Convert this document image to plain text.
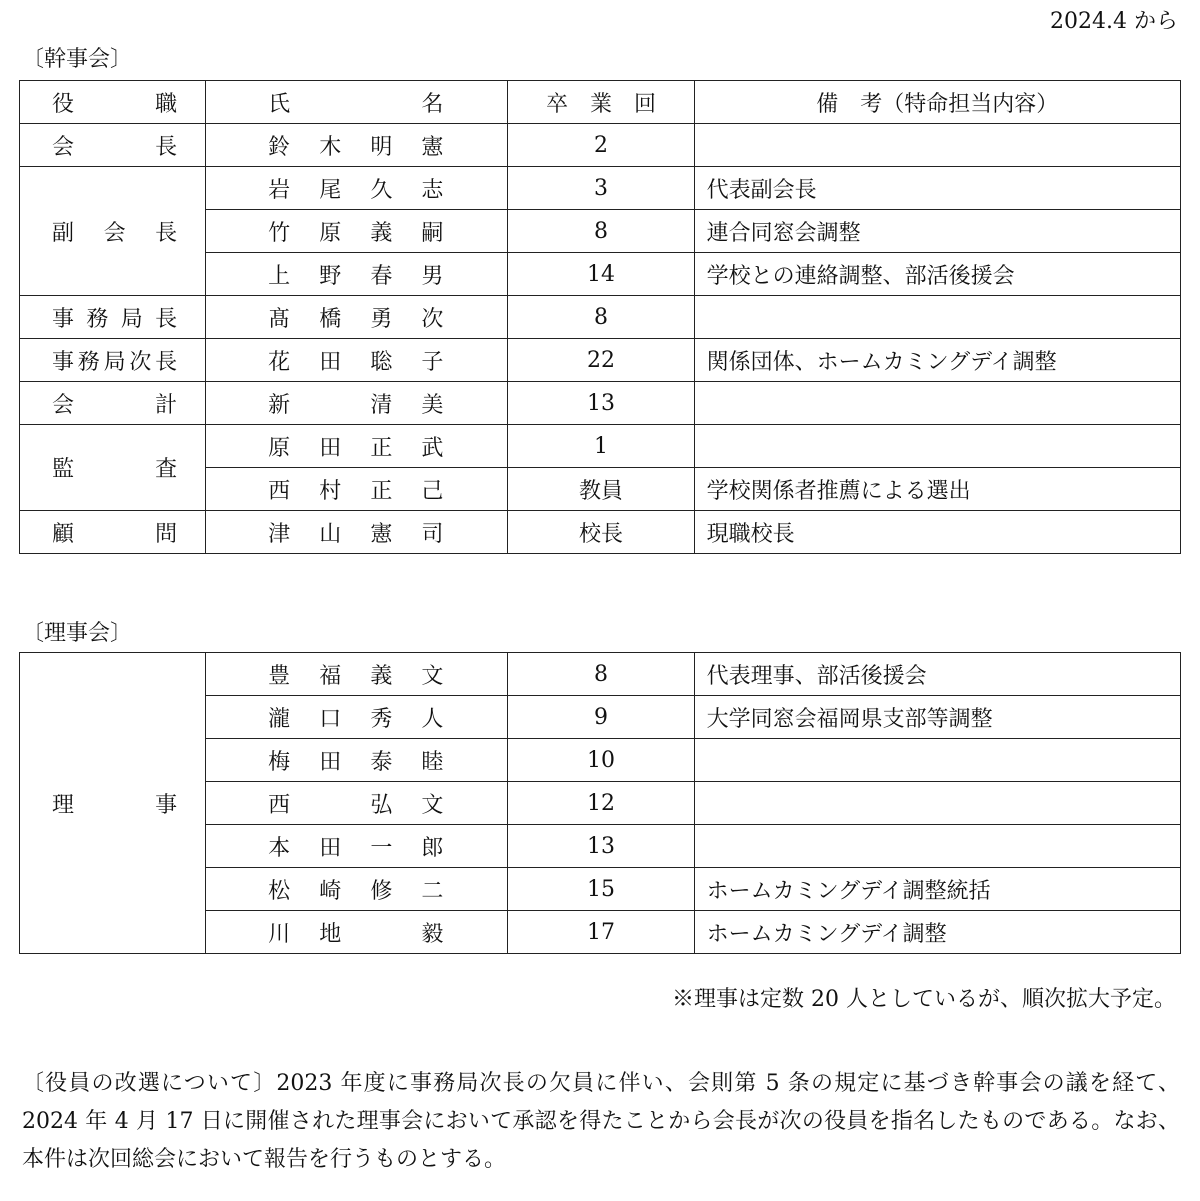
2024.4 から
〔幹事会〕
役　職	氏　　　名	卒　業　回	備　考（特命担当内容）
会　長	鈴木明憲	2	
副会長	岩尾久志	3	代表副会長
	竹原義嗣	8	連合同窓会調整
	上野春男	14	学校との連絡調整、部活後援会
事務局長	髙橋勇次	8	
事務局次長	花田聡子	22	関係団体、ホームカミングデイ調整
会　計	新　清美	13	
監　査	原田正武	1	
	西村正己	教員	学校関係者推薦による選出
顧　問	津山憲司	校長	現職校長
〔理事会〕
理　事	豊福義文	8	代表理事、部活後援会
	瀧口秀人	9	大学同窓会福岡県支部等調整
	梅田泰睦	10	
	西　弘文	12	
	本田一郎	13	
	松崎修二	15	ホームカミングデイ調整統括
	川地　毅	17	ホームカミングデイ調整
※理事は定数 20 人としているが、順次拡大予定。
〔役員の改選について〕2023 年度に事務局次長の欠員に伴い、会則第 5 条の規定に基づき幹事会の議を経て、2024 年 4 月 17 日に開催された理事会において承認を得たことから会長が次の役員を指名したものである。なお、本件は次回総会において報告を行うものとする。
